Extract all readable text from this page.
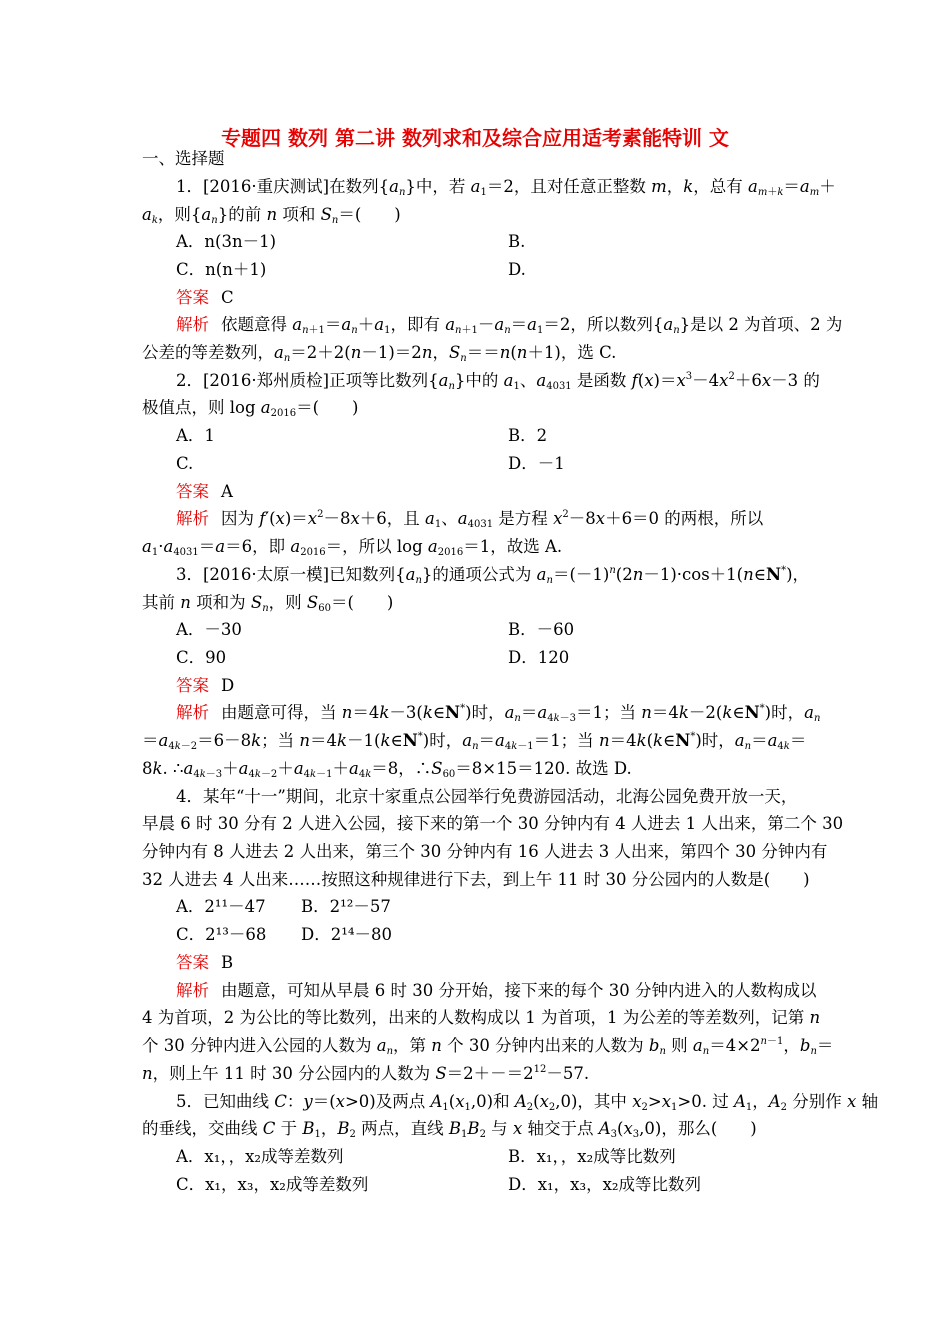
专题四 数列 第二讲 数列求和及综合应用适考素能特训 文
一、选择题
1．[2016·重庆测试]在数列$\{a_n\}$中，若 $a_1=2$，且对任意正整数 m，k，总有 $a_{m+k}=a_m+$
$a_k$，则$\{a_n\}$的前 n 项和 $S_n=$(　　)
A．n(3n－1)	B.
C．n(n＋1)	D.
答案 C
解析 依题意得 $a_{n+1}=a_n+a_1$，即有 $a_{n+1}-a_n=a_1=2$，所以数列$\{a_n\}$是以 2 为首项、2 为
公差的等差数列，$a_n=2+2(n-1)=2n$，$S_n==n(n+1)$，选 C.
2．[2016·郑州质检]正项等比数列$\{a_n\}$中的 $a_1$、$a_{4031}$ 是函数 $f(x)=x^3-4x^2+6x-3$ 的
极值点，则 $\log a_{2016}=$(　　)
A．1	B．2
C.	D．－1
答案 A
解析 因为 $f'(x)=x^2-8x+6$，且 $a_1$、$a_{4031}$ 是方程 $x^2-8x+6=0$ 的两根，所以
$a_1\cdot a_{4031}=a=6$，即 $a_{2016}=$，所以 $\log a_{2016}=1$，故选 A.
3．[2016·太原一模]已知数列$\{a_n\}$的通项公式为 $a_n=(-1)^n(2n-1)\cdot\cos+1(n\in N^*)$，
其前 n 项和为 $S_n$，则 $S_{60}=$(　　)
A．－30	B．－60
C．90	D．120
答案 D
解析 由题意可得，当 n＝4k－3(k∈N*)时，$a_n=a_{4k-3}=1$；当 n＝4k－2(k∈N*)时，$a_n$
$=a_{4k-2}=6-8k$；当 n＝4k－1(k∈N*)时，$a_n=a_{4k-1}=1$；当 n＝4k(k∈N*)时，$a_n=a_{4k}=$
8k. $\therefore a_{4k-3}+a_{4k-2}+a_{4k-1}+a_{4k}=8$，$\therefore S_{60}=8\times 15=120$. 故选 D.
4．某年“十一”期间，北京十家重点公园举行免费游园活动，北海公园免费开放一天，
早晨 6 时 30 分有 2 人进入公园，接下来的第一个 30 分钟内有 4 人进去 1 人出来，第二个 30
分钟内有 8 人进去 2 人出来，第三个 30 分钟内有 16 人进去 3 人出来，第四个 30 分钟内有
32 人进去 4 人出来……按照这种规律进行下去，到上午 11 时 30 分公园内的人数是(　　)
A．2¹¹－47 B．2¹²－57
C．2¹³－68 D．2¹⁴－80
答案 B
解析 由题意，可知从早晨 6 时 30 分开始，接下来的每个 30 分钟内进入的人数构成以
4 为首项，2 为公比的等比数列，出来的人数构成以 1 为首项，1 为公差的等差数列，记第 n
个 30 分钟内进入公园的人数为 $a_n$，第 n 个 30 分钟内出来的人数为 $b_n$ 则 $a_n=4\times 2^{n-1}$，$b_n=$
n，则上午 11 时 30 分公园内的人数为 $S=2+-=2^{12}-57$.
5．已知曲线 C：y＝(x>0)及两点 $A_1(x_1,0)$和 $A_2(x_2,0)$，其中 $x_2>x_1>0$. 过 $A_1$，$A_2$ 分别作 x 轴
的垂线，交曲线 C 于 $B_1$，$B_2$ 两点，直线 $B_1B_2$ 与 x 轴交于点 $A_3(x_3,0)$，那么(　　)
A．x₁，，x₂成等差数列	B．x₁，，x₂成等比数列
C．x₁，x₃，x₂成等差数列	D．x₁，x₃，x₂成等比数列
